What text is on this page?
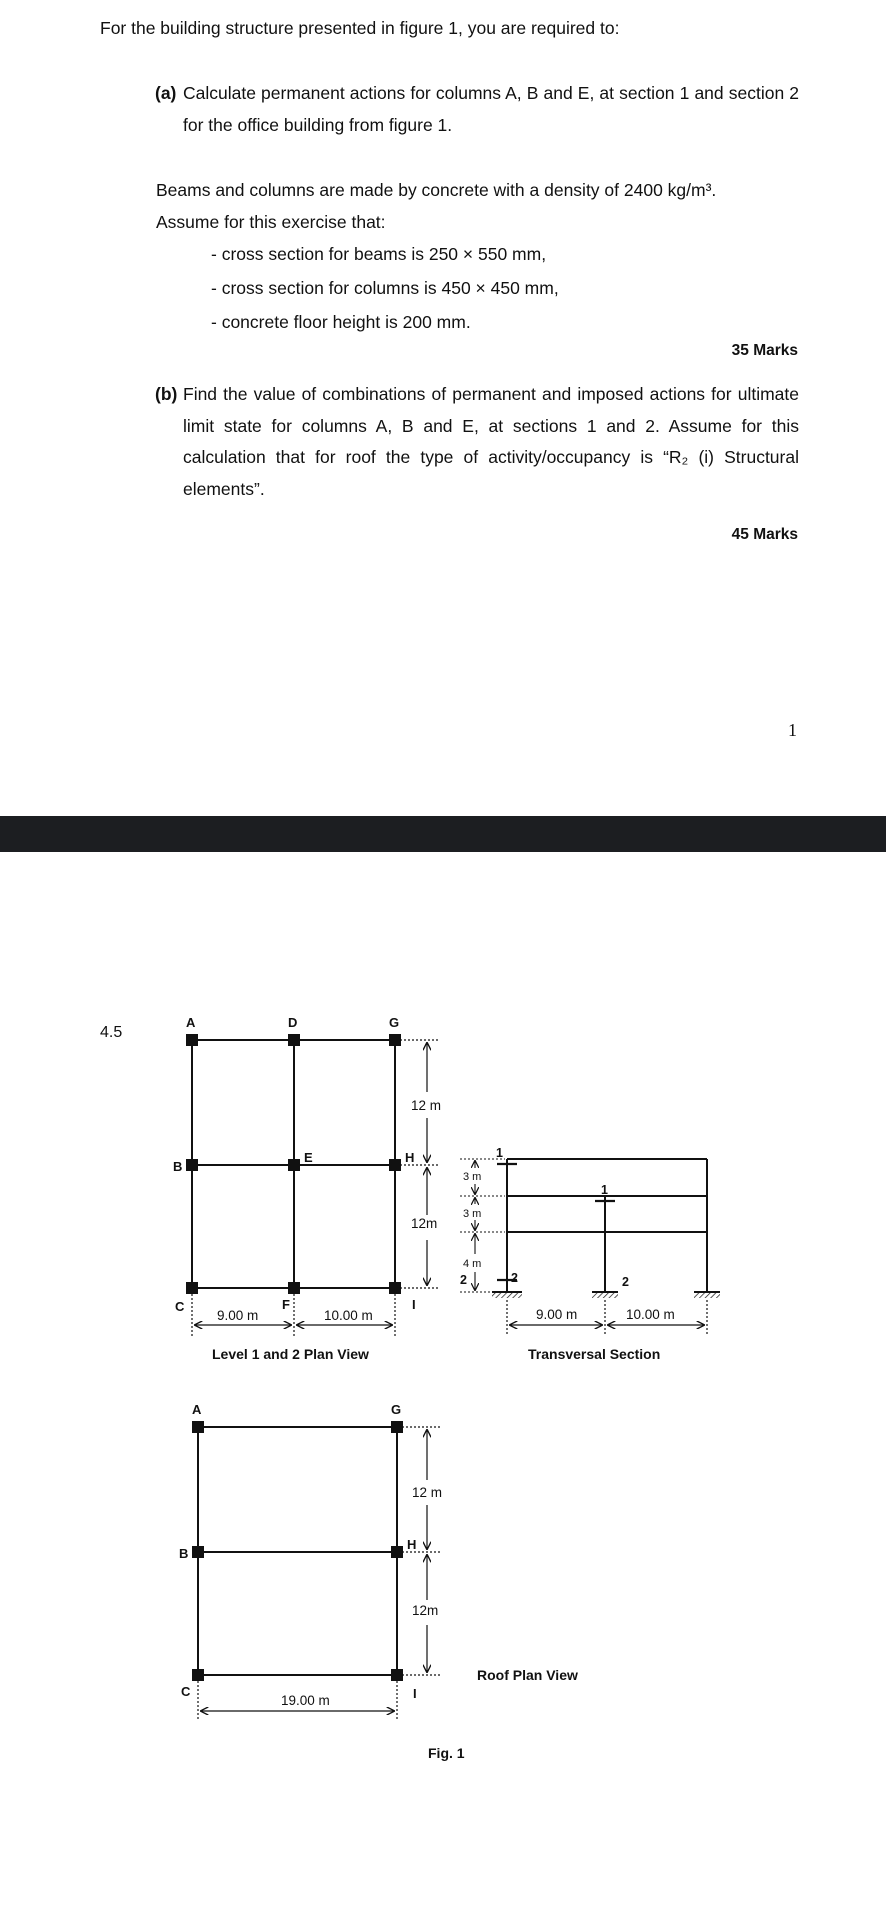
For the building structure presented in figure 1, you are required to:
(a) Calculate permanent actions for columns A, B and E, at section 1 and section 2 for the office building from figure 1.
Beams and columns are made by concrete with a density of 2400 kg/m³.
Assume for this exercise that:
- cross section for beams is 250 × 550 mm,
- cross section for columns is 450 × 450 mm,
- concrete floor height is 200 mm.
35 Marks
(b) Find the value of combinations of permanent and imposed actions for ultimate limit state for columns A, B and E, at sections 1 and 2. Assume for this calculation that for roof the type of activity/occupancy is “R₂ (i) Structural elements”.
45 Marks
1
4.5
A	D	G
B
E	H
C	F	I
12 m
12m
9.00 m	10.00 m
Level 1 and 2 Plan View
1
1
2	2
2
3 m
3 m
4 m
9.00 m	10.00 m
Transversal Section
A	G
B
H
C	I
12 m
12m
19.00 m
Roof Plan View
Fig. 1
